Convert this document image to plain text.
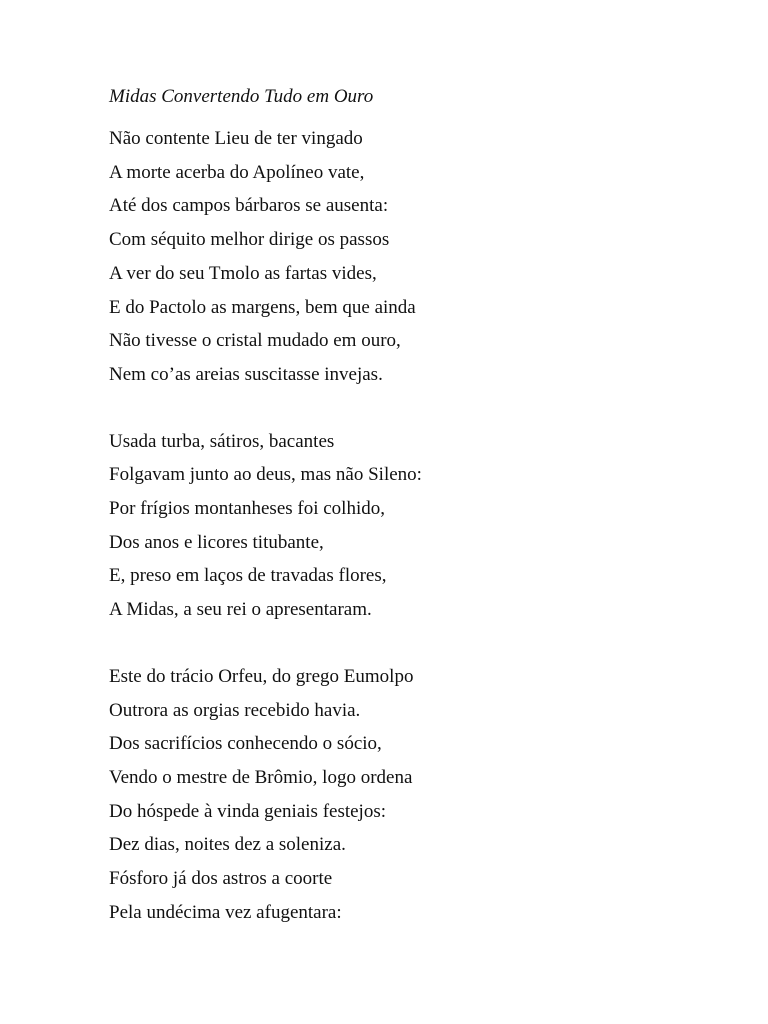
Midas Convertendo Tudo em Ouro
Não contente Lieu de ter vingado
A morte acerba do Apolíneo vate,
Até dos campos bárbaros se ausenta:
Com séquito melhor dirige os passos
A ver do seu Tmolo as fartas vides,
E do Pactolo as margens, bem que ainda
Não tivesse o cristal mudado em ouro,
Nem co’as areias suscitasse invejas.
Usada turba, sátiros, bacantes
Folgavam junto ao deus, mas não Sileno:
Por frígios montanheses foi colhido,
Dos anos e licores titubante,
E, preso em laços de travadas flores,
A Midas, a seu rei o apresentaram.
Este do trácio Orfeu, do grego Eumolpo
Outrora as orgias recebido havia.
Dos sacrifícios conhecendo o sócio,
Vendo o mestre de Brômio, logo ordena
Do hóspede à vinda geniais festejos:
Dez dias, noites dez a soleniza.
Fósforo já dos astros a coorte
Pela undécima vez afugentara:
